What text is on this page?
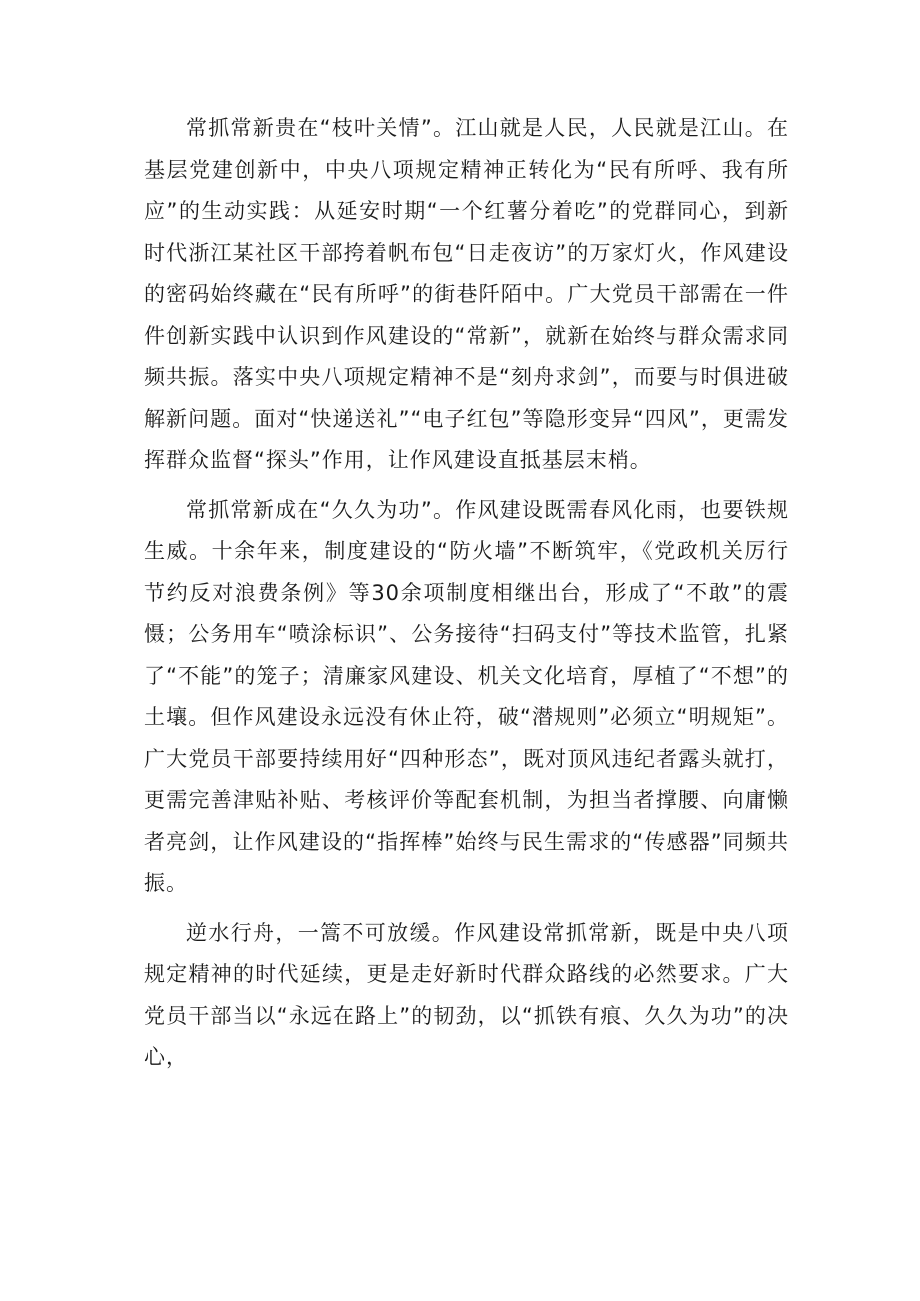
常抓常新贵在“枝叶关情”。江山就是人民，人民就是江山。在基层党建创新中，中央八项规定精神正转化为“民有所呼、我有所应”的生动实践：从延安时期“一个红薯分着吃”的党群同心，到新时代浙江某社区干部挎着帆布包“日走夜访”的万家灯火，作风建设的密码始终藏在“民有所呼”的街巷阡陌中。广大党员干部需在一件件创新实践中认识到作风建设的“常新”，就新在始终与群众需求同频共振。落实中央八项规定精神不是“刻舟求剑”，而要与时俱进破解新问题。面对“快递送礼”“电子红包”等隐形变异“四风”，更需发挥群众监督“探头”作用，让作风建设直抵基层末梢。

常抓常新成在“久久为功”。作风建设既需春风化雨，也要铁规生威。十余年来，制度建设的“防火墙”不断筑牢，《党政机关厉行节约反对浪费条例》等30余项制度相继出台，形成了“不敢”的震慑；公务用车“喷涂标识”、公务接待“扫码支付”等技术监管，扎紧了“不能”的笼子；清廉家风建设、机关文化培育，厚植了“不想”的土壤。但作风建设永远没有休止符，破“潜规则”必须立“明规矩”。广大党员干部要持续用好“四种形态”，既对顶风违纪者露头就打，更需完善津贴补贴、考核评价等配套机制，为担当者撑腰、向庸懒者亮剑，让作风建设的“指挥棒”始终与民生需求的“传感器”同频共振。

逆水行舟，一篙不可放缓。作风建设常抓常新，既是中央八项规定精神的时代延续，更是走好新时代群众路线的必然要求。广大党员干部当以“永远在路上”的韧劲，以“抓铁有痕、久久为功”的决心，
